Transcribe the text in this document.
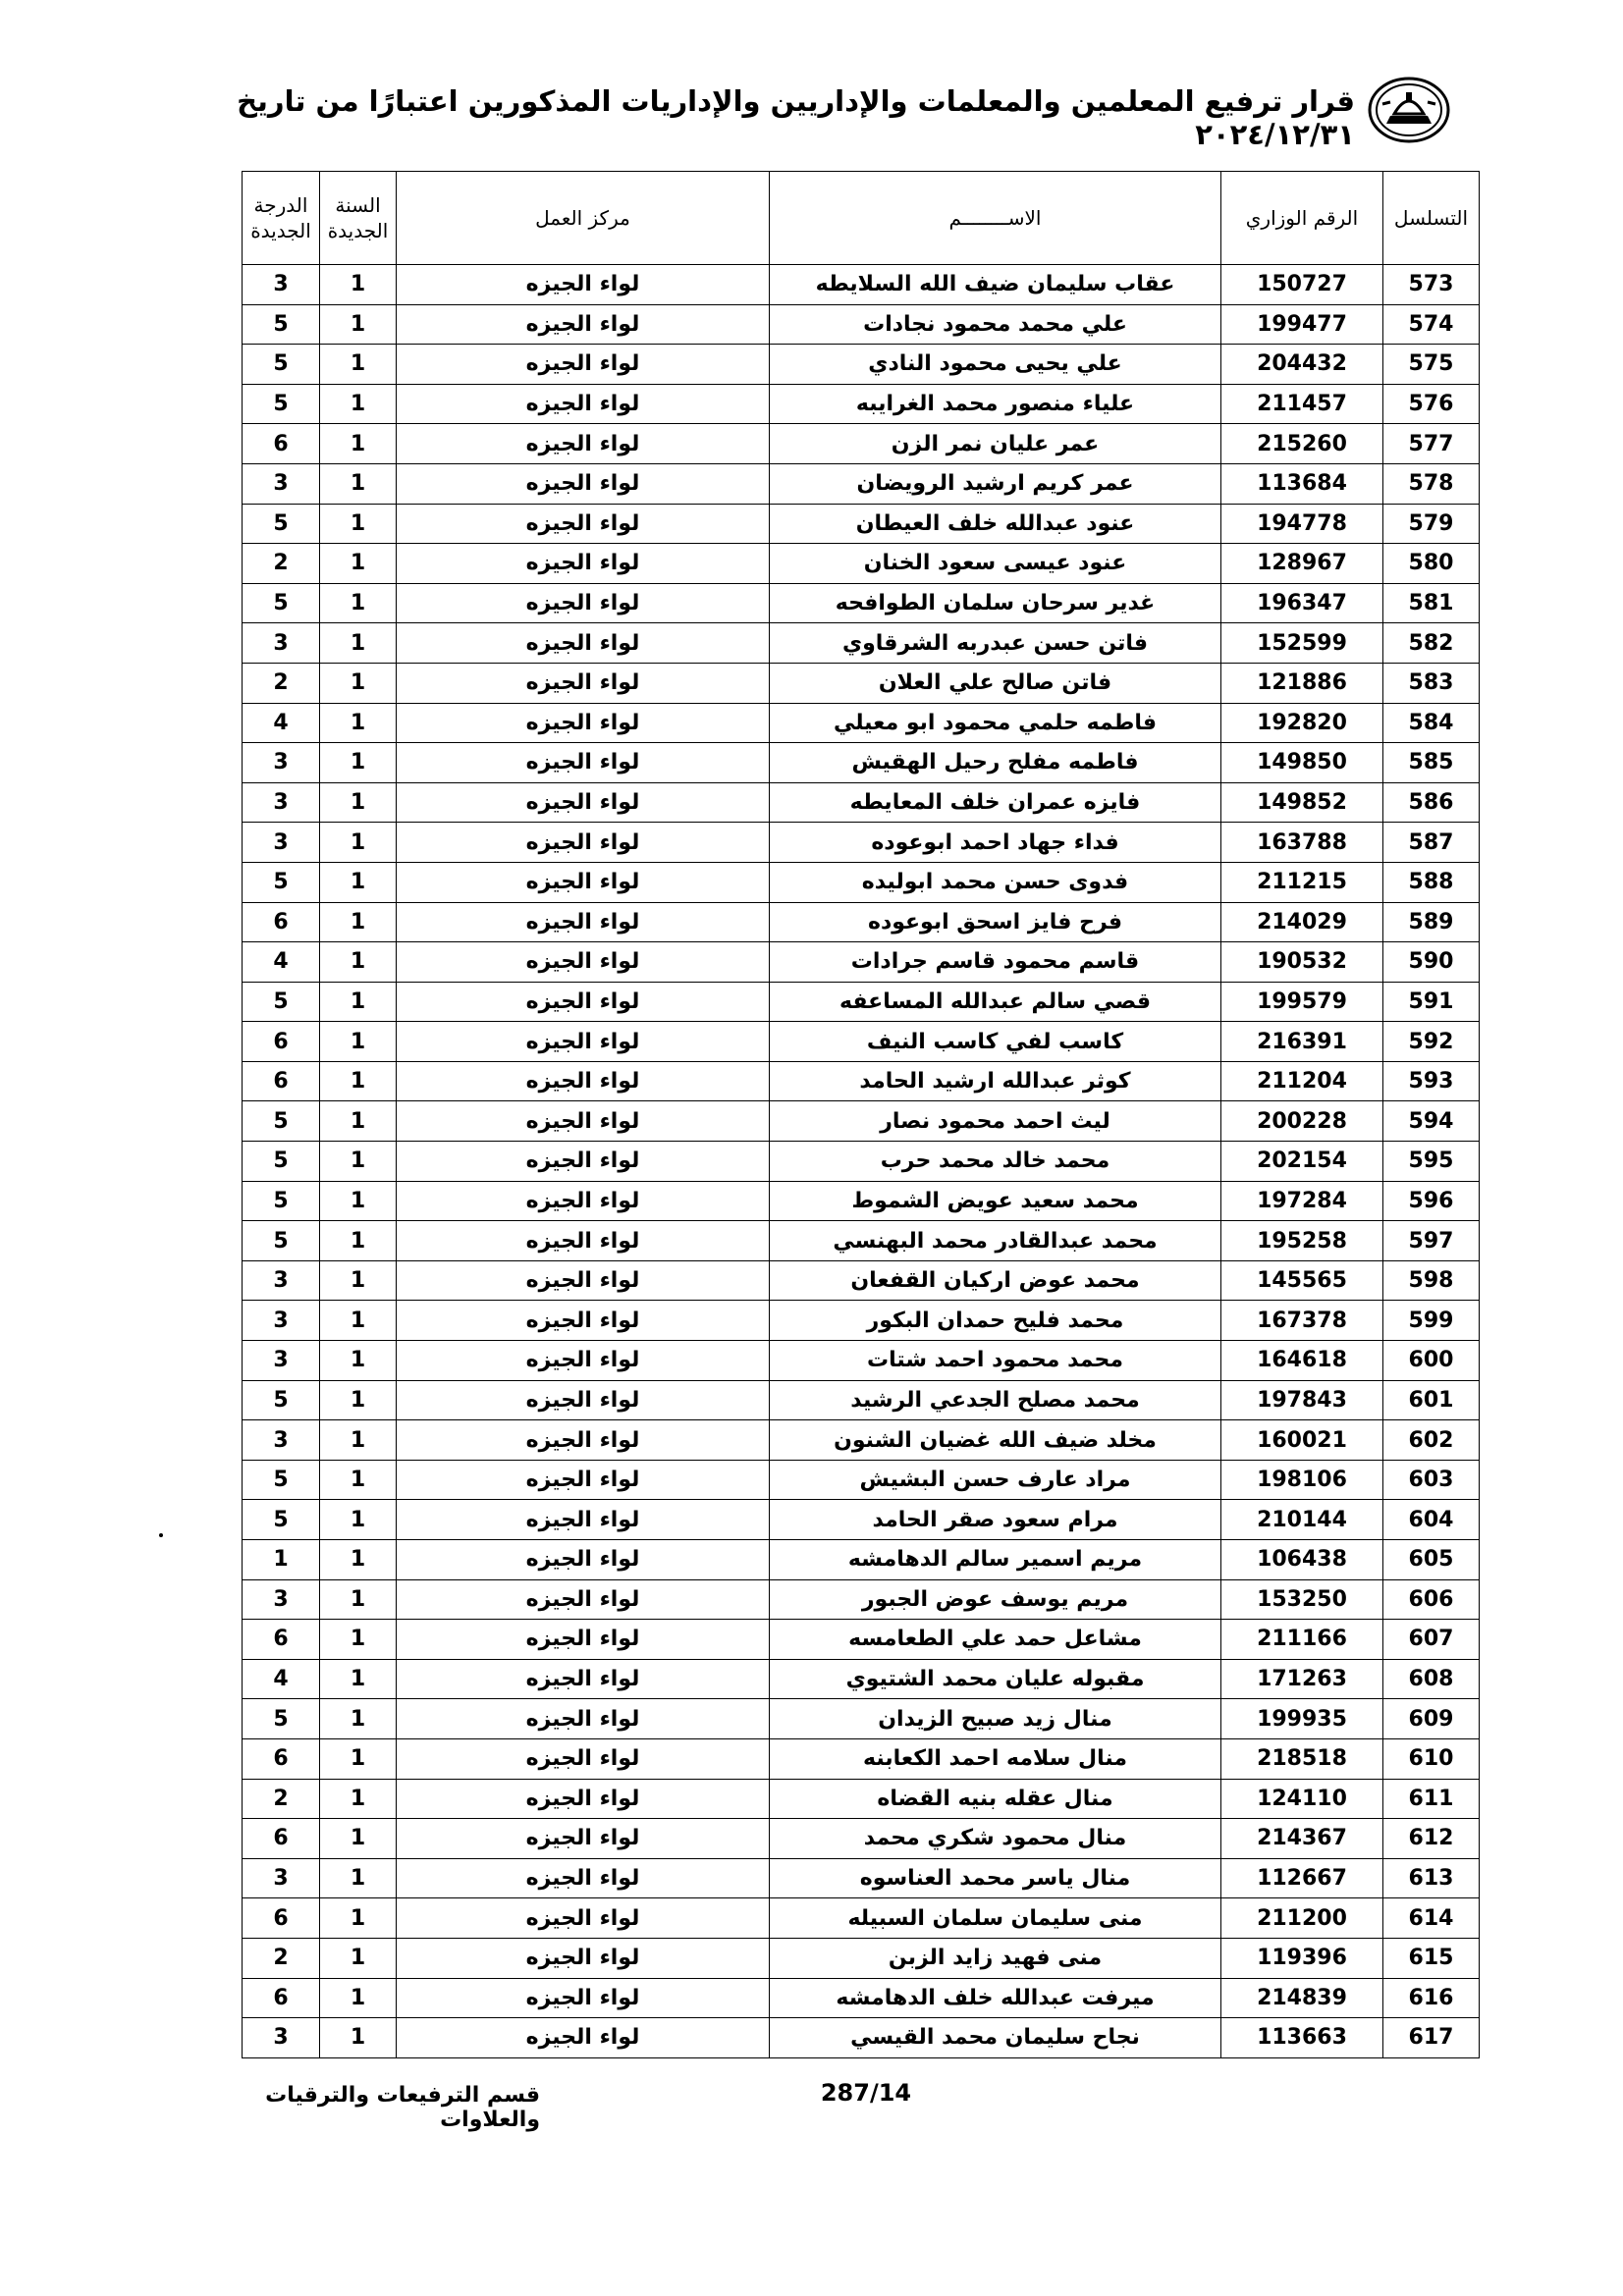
قرار ترفيع المعلمين والمعلمات والإداريين والإداريات المذكورين اعتبارًا من تاريخ ٢٠٢٤/١٢/٣١
التسلسل	الرقم الوزاري	الاســــــــم	مركز العمل	السنة الجديدة	الدرجة الجديدة
573	150727	عقاب سليمان ضيف الله السلايطه	لواء الجيزه	1	3
574	199477	علي محمد محمود نجادات	لواء الجيزه	1	5
575	204432	علي يحيى محمود النادي	لواء الجيزه	1	5
576	211457	علياء منصور محمد الغرايبه	لواء الجيزه	1	5
577	215260	عمر عليان نمر الزن	لواء الجيزه	1	6
578	113684	عمر كريم ارشيد الرويضان	لواء الجيزه	1	3
579	194778	عنود عبدالله خلف العيطان	لواء الجيزه	1	5
580	128967	عنود عيسى سعود الخنان	لواء الجيزه	1	2
581	196347	غدير سرحان سلمان الطوافحه	لواء الجيزه	1	5
582	152599	فاتن حسن عبدربه الشرقاوي	لواء الجيزه	1	3
583	121886	فاتن صالح علي العلان	لواء الجيزه	1	2
584	192820	فاطمه حلمي محمود ابو معيلي	لواء الجيزه	1	4
585	149850	فاطمه مفلح رحيل الهقيش	لواء الجيزه	1	3
586	149852	فايزه عمران خلف المعايطه	لواء الجيزه	1	3
587	163788	فداء جهاد احمد ابوعوده	لواء الجيزه	1	3
588	211215	فدوى حسن محمد ابوليده	لواء الجيزه	1	5
589	214029	فرح فايز اسحق ابوعوده	لواء الجيزه	1	6
590	190532	قاسم محمود قاسم جرادات	لواء الجيزه	1	4
591	199579	قصي سالم عبدالله المساعفه	لواء الجيزه	1	5
592	216391	كاسب لفي كاسب النيف	لواء الجيزه	1	6
593	211204	كوثر عبدالله ارشيد الحامد	لواء الجيزه	1	6
594	200228	ليث احمد محمود نصار	لواء الجيزه	1	5
595	202154	محمد خالد محمد حرب	لواء الجيزه	1	5
596	197284	محمد سعيد عويض الشموط	لواء الجيزه	1	5
597	195258	محمد عبدالقادر محمد البهنسي	لواء الجيزه	1	5
598	145565	محمد عوض اركيان القفعان	لواء الجيزه	1	3
599	167378	محمد فليح حمدان البكور	لواء الجيزه	1	3
600	164618	محمد محمود احمد شتات	لواء الجيزه	1	3
601	197843	محمد مصلح الجدعي الرشيد	لواء الجيزه	1	5
602	160021	مخلد ضيف الله غضيان الشنون	لواء الجيزه	1	3
603	198106	مراد عارف حسن البشيش	لواء الجيزه	1	5
604	210144	مرام سعود صقر الحامد	لواء الجيزه	1	5
605	106438	مريم اسمير سالم الدهامشه	لواء الجيزه	1	1
606	153250	مريم يوسف عوض الجبور	لواء الجيزه	1	3
607	211166	مشاعل حمد علي الطعامسه	لواء الجيزه	1	6
608	171263	مقبوله عليان محمد الشتيوي	لواء الجيزه	1	4
609	199935	منال زيد صبيح الزيدان	لواء الجيزه	1	5
610	218518	منال سلامه احمد الكعابنه	لواء الجيزه	1	6
611	124110	منال عقله بنيه القضاه	لواء الجيزه	1	2
612	214367	منال محمود شكري محمد	لواء الجيزه	1	6
613	112667	منال ياسر محمد العناسوه	لواء الجيزه	1	3
614	211200	منى سليمان سلمان السبيله	لواء الجيزه	1	6
615	119396	منى فهيد زايد الزبن	لواء الجيزه	1	2
616	214839	ميرفت عبدالله خلف الدهامشه	لواء الجيزه	1	6
617	113663	نجاح سليمان محمد القيسي	لواء الجيزه	1	3
287/14
قسم الترفيعات والترقيات والعلاوات
